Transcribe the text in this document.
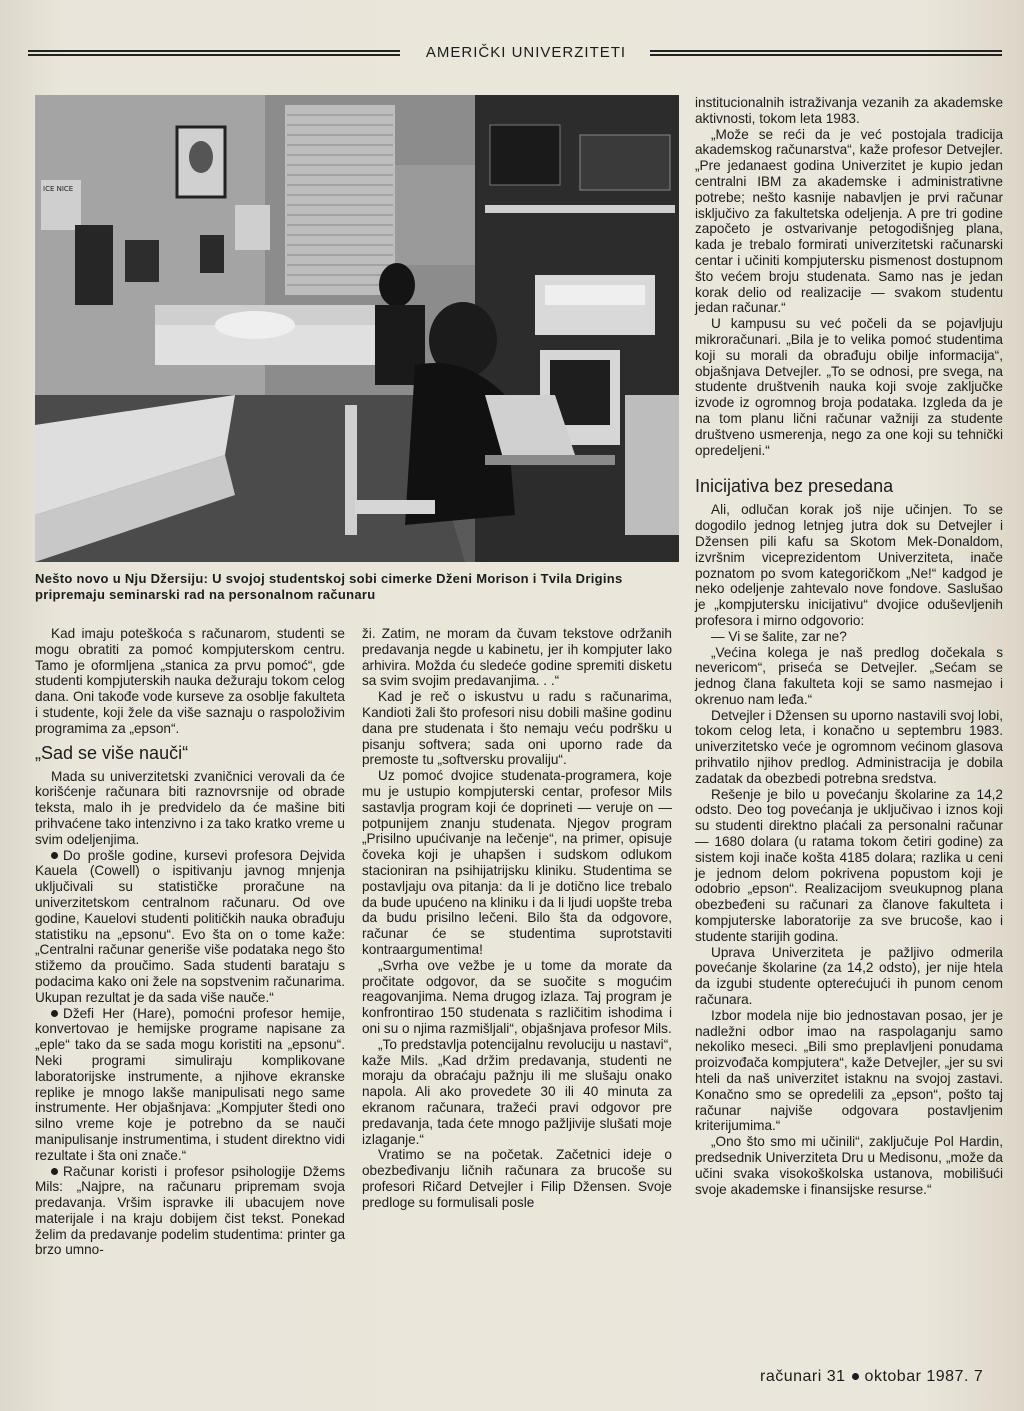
AMERIČKI UNIVERZITETI
ICE NICE
Nešto novo u Nju Džersiju: U svojoj studentskoj sobi cimerke Dženi Morison i Tvila Drigins pripremaju seminarski rad na personalnom računaru

Kad imaju poteškoća s računarom, studenti se mogu obratiti za pomoć kompjuterskom centru. Tamo je oformljena „stanica za prvu pomoć“, gde studenti kompjuterskih nauka dežuraju tokom celog dana. Oni takođe vode kurseve za osoblje fakulteta i studente, koji žele da više saznaju o raspoloživim programima za „epson“.

„Sad se više nauči“

Mada su univerzitetski zvaničnici verovali da će korišćenje računara biti raznovrsnije od obrade teksta, malo ih je predvidelo da će mašine biti prihvaćene tako intenzivno i za tako kratko vreme u svim odeljenjima.

Do prošle godine, kursevi profesora Dejvida Kauela (Cowell) o ispitivanju javnog mnjenja uključivali su statističke proračune na univerzitetskom centralnom računaru. Od ove godine, Kauelovi studenti političkih nauka obrađuju statistiku na „epsonu“. Evo šta on o tome kaže: „Centralni računar generiše više podataka nego što stižemo da proučimo. Sada studenti barataju s podacima kako oni žele na sopstvenim računarima. Ukupan rezultat je da sada više nauče.“

Džefi Her (Hare), pomoćni profesor hemije, konvertovao je hemijske programe napisane za „eple“ tako da se sada mogu koristiti na „epsonu“. Neki programi simuliraju komplikovane laboratorijske instrumente, a njihove ekranske replike je mnogo lakše manipulisati nego same instrumente. Her objašnjava: „Kompjuter štedi ono silno vreme koje je potrebno da se nauči manipulisanje instrumentima, i student direktno vidi rezultate i šta oni znače.“

Računar koristi i profesor psihologije Džems Mils: „Najpre, na računaru pripremam svoja predavanja. Vršim ispravke ili ubacujem nove materijale i na kraju dobijem čist tekst. Ponekad želim da predavanje podelim studentima: printer ga brzo umno-

ži. Zatim, ne moram da čuvam tekstove održanih predavanja negde u kabinetu, jer ih kompjuter lako arhivira. Možda ću sledeće godine spremiti disketu sa svim svojim predavanjima. . .“

Kad je reč o iskustvu u radu s računarima, Kandioti žali što profesori nisu dobili mašine godinu dana pre studenata i što nemaju veću podršku u pisanju softvera; sada oni uporno rade da premoste tu „softversku provaliju“.

Uz pomoć dvojice studenata-programera, koje mu je ustupio kompjuterski centar, profesor Mils sastavlja program koji će doprineti — veruje on — potpunijem znanju studenata. Njegov program „Prisilno upućivanje na lečenje“, na primer, opisuje čoveka koji je uhapšen i sudskom odlukom stacioniran na psihijatrijsku kliniku. Studentima se postavljaju ova pitanja: da li je dotično lice trebalo da bude upućeno na kliniku i da li ljudi uopšte treba da budu prisilno lečeni. Bilo šta da odgovore, računar će se studentima suprotstaviti kontraargumentima!

„Svrha ove vežbe je u tome da morate da pročitate odgovor, da se suočite s mogućim reagovanjima. Nema drugog izlaza. Taj program je konfrontirao 150 studenata s različitim ishodima i oni su o njima razmišljali“, objašnjava profesor Mils.

„To predstavlja potencijalnu revoluciju u nastavi“, kaže Mils. „Kad držim predavanja, studenti ne moraju da obraćaju pažnju ili me slušaju onako napola. Ali ako provedete 30 ili 40 minuta za ekranom računara, tražeći pravi odgovor pre predavanja, tada ćete mnogo pažljivije slušati moje izlaganje.“

Vratimo se na početak. Začetnici ideje o obezbeđivanju ličnih računara za brucoše su profesori Ričard Detvejler i Filip Džensen. Svoje predloge su formulisali posle

institucionalnih istraživanja vezanih za akademske aktivnosti, tokom leta 1983.

„Može se reći da je već postojala tradicija akademskog računarstva“, kaže profesor Detvejler. „Pre jedanaest godina Univerzitet je kupio jedan centralni IBM za akademske i administrativne potrebe; nešto kasnije nabavljen je prvi računar isključivo za fakultetska odeljenja. A pre tri godine započeto je ostvarivanje petogodišnjeg plana, kada je trebalo formirati univerzitetski računarski centar i učiniti kompjutersku pismenost dostupnom što većem broju studenata. Samo nas je jedan korak delio od realizacije — svakom studentu jedan računar.“

U kampusu su već počeli da se pojavljuju mikroračunari. „Bila je to velika pomoć studentima koji su morali da obrađuju obilje informacija“, objašnjava Detvejler. „To se odnosi, pre svega, na studente društvenih nauka koji svoje zaključke izvode iz ogromnog broja podataka. Izgleda da je na tom planu lični računar važniji za studente društveno usmerenja, nego za one koji su tehnički opredeljeni.“

Inicijativa bez presedana

Ali, odlučan korak još nije učinjen. To se dogodilo jednog letnjeg jutra dok su Detvejler i Džensen pili kafu sa Skotom Mek-Donaldom, izvršnim viceprezidentom Univerziteta, inače poznatom po svom kategoričkom „Ne!“ kadgod je neko odeljenje zahtevalo nove fondove. Saslušao je „kompjutersku inicijativu“ dvojice oduševljenih profesora i mirno odgovorio:

— Vi se šalite, zar ne?

„Većina kolega je naš predlog dočekala s nevericom“, priseća se Detvejler. „Sećam se jednog člana fakulteta koji se samo nasmejao i okrenuo nam leđa.“

Detvejler i Džensen su uporno nastavili svoj lobi, tokom celog leta, i konačno u septembru 1983. univerzitetsko veće je ogromnom većinom glasova prihvatilo njihov predlog. Administracija je dobila zadatak da obezbedi potrebna sredstva.

Rešenje je bilo u povećanju školarine za 14,2 odsto. Deo tog povećanja je uključivao i iznos koji su studenti direktno plaćali za personalni računar — 1680 dolara (u ratama tokom četiri godine) za sistem koji inače košta 4185 dolara; razlika u ceni je jednom delom pokrivena popustom koji je odobrio „epson“. Realizacijom sveukupnog plana obezbeđeni su računari za članove fakulteta i kompjuterske laboratorije za sve brucoše, kao i studente starijih godina.

Uprava Univerziteta je pažljivo odmerila povećanje školarine (za 14,2 odsto), jer nije htela da izgubi studente opterećujući ih punom cenom računara.

Izbor modela nije bio jednostavan posao, jer je nadležni odbor imao na raspolaganju samo nekoliko meseci. „Bili smo preplavljeni ponudama proizvođača kompjutera“, kaže Detvejler, „jer su svi hteli da naš univerzitet istaknu na svojoj zastavi. Konačno smo se opredelili za „epson“, pošto taj računar najviše odgovara postavljenim kriterijumima.“

„Ono što smo mi učinili“, zaključuje Pol Hardin, predsednik Univerziteta Dru u Medisonu, „može da učini svaka visokoškolska ustanova, mobilišući svoje akademske i finansijske resurse.“

računari 31 oktobar 1987. 7
